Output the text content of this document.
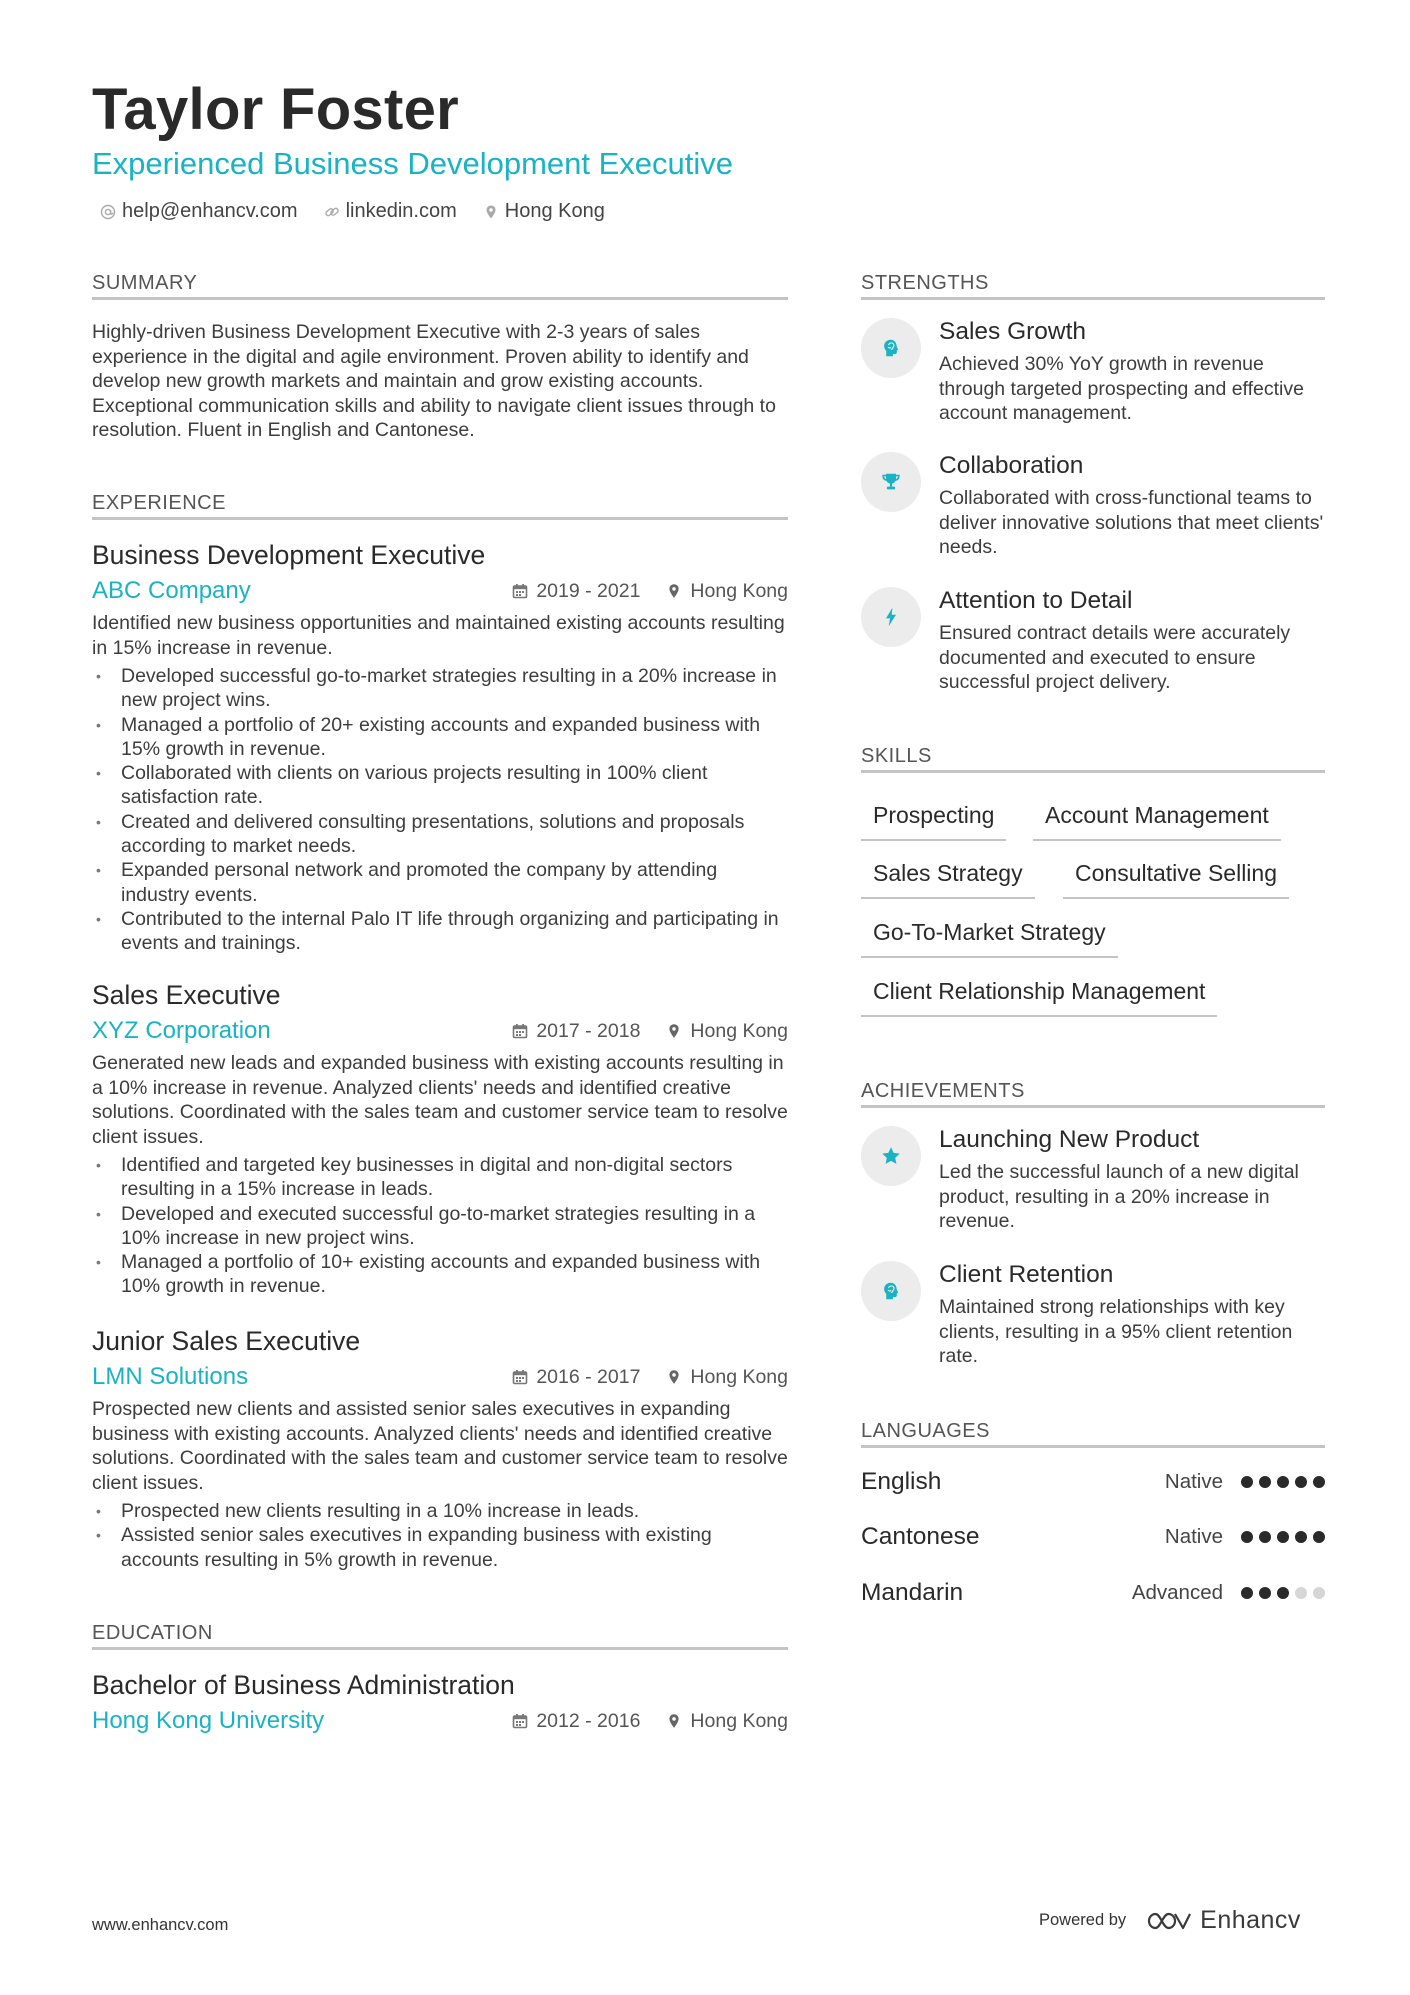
Taylor Foster
Experienced Business Development Executive
help@enhancv.com linkedin.com Hong Kong
SUMMARY
Highly-driven Business Development Executive with 2-3 years of sales experience in the digital and agile environment. Proven ability to identify and develop new growth markets and maintain and grow existing accounts. Exceptional communication skills and ability to navigate client issues through to resolution. Fluent in English and Cantonese.
EXPERIENCE
Business Development Executive
ABC Company	2019 - 2021	Hong Kong
Identified new business opportunities and maintained existing accounts resulting in 15% increase in revenue.
• Developed successful go-to-market strategies resulting in a 20% increase in new project wins.
• Managed a portfolio of 20+ existing accounts and expanded business with 15% growth in revenue.
• Collaborated with clients on various projects resulting in 100% client satisfaction rate.
• Created and delivered consulting presentations, solutions and proposals according to market needs.
• Expanded personal network and promoted the company by attending industry events.
• Contributed to the internal Palo IT life through organizing and participating in events and trainings.
Sales Executive
XYZ Corporation	2017 - 2018	Hong Kong
Generated new leads and expanded business with existing accounts resulting in a 10% increase in revenue. Analyzed clients' needs and identified creative solutions. Coordinated with the sales team and customer service team to resolve client issues.
• Identified and targeted key businesses in digital and non-digital sectors resulting in a 15% increase in leads.
• Developed and executed successful go-to-market strategies resulting in a 10% increase in new project wins.
• Managed a portfolio of 10+ existing accounts and expanded business with 10% growth in revenue.
Junior Sales Executive
LMN Solutions	2016 - 2017	Hong Kong
Prospected new clients and assisted senior sales executives in expanding business with existing accounts. Analyzed clients' needs and identified creative solutions. Coordinated with the sales team and customer service team to resolve client issues.
• Prospected new clients resulting in a 10% increase in leads.
• Assisted senior sales executives in expanding business with existing accounts resulting in 5% growth in revenue.
EDUCATION
Bachelor of Business Administration
Hong Kong University	2012 - 2016	Hong Kong
STRENGTHS
Sales Growth
Achieved 30% YoY growth in revenue through targeted prospecting and effective account management.
Collaboration
Collaborated with cross-functional teams to deliver innovative solutions that meet clients' needs.
Attention to Detail
Ensured contract details were accurately documented and executed to ensure successful project delivery.
SKILLS
Prospecting	Account Management
Sales Strategy	Consultative Selling
Go-To-Market Strategy
Client Relationship Management
ACHIEVEMENTS
Launching New Product
Led the successful launch of a new digital product, resulting in a 20% increase in revenue.
Client Retention
Maintained strong relationships with key clients, resulting in a 95% client retention rate.
LANGUAGES
English	Native
Cantonese	Native
Mandarin	Advanced
www.enhancv.com	Powered by	Enhancv
